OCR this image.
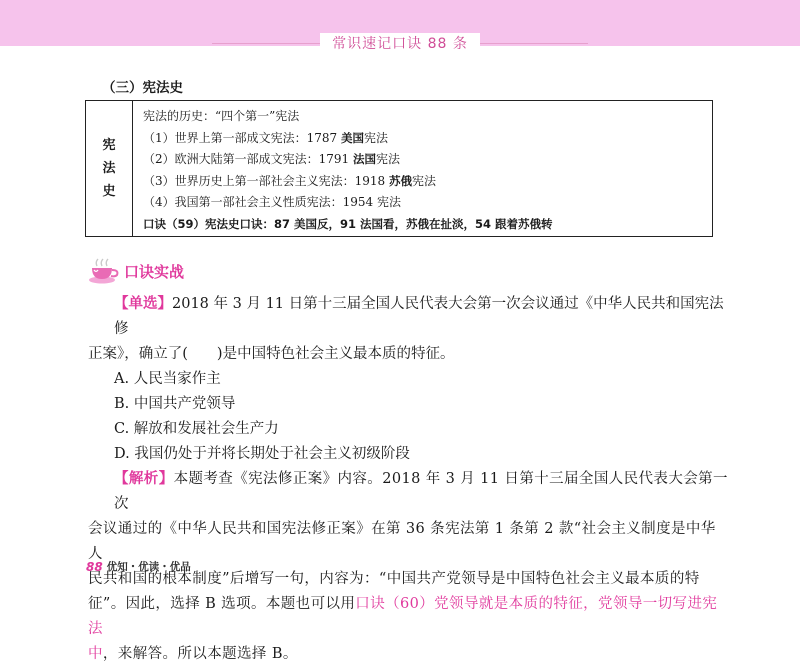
常识速记口诀 88 条
（三）宪法史
宪
法
史
宪法的历史：“四个第一”宪法
（1）世界上第一部成文宪法：1787 美国宪法
（2）欧洲大陆第一部成文宪法：1791 法国宪法
（3）世界历史上第一部社会主义宪法：1918 苏俄宪法
（4）我国第一部社会主义性质宪法：1954 宪法
口诀（59）宪法史口诀：87 美国反，91 法国看，苏俄在扯淡，54 跟着苏俄转
口诀实战

【单选】2018 年 3 月 11 日第十三届全国人民代表大会第一次会议通过《中华人民共和国宪法修

正案》，确立了(　　)是中国特色社会主义最本质的特征。

A. 人民当家作主

B. 中国共产党领导

C. 解放和发展社会生产力

D. 我国仍处于并将长期处于社会主义初级阶段

【解析】本题考查《宪法修正案》内容。2018 年 3 月 11 日第十三届全国人民代表大会第一次

会议通过的《中华人民共和国宪法修正案》在第 36 条宪法第 1 条第 2 款“社会主义制度是中华人

民共和国的根本制度”后增写一句，内容为：“中国共产党领导是中国特色社会主义最本质的特

征”。因此，选择 B 选项。本题也可以用口诀（60）党领导就是本质的特征，党领导一切写进宪法

中，来解答。所以本题选择 B。

88 优知・优读・优品
